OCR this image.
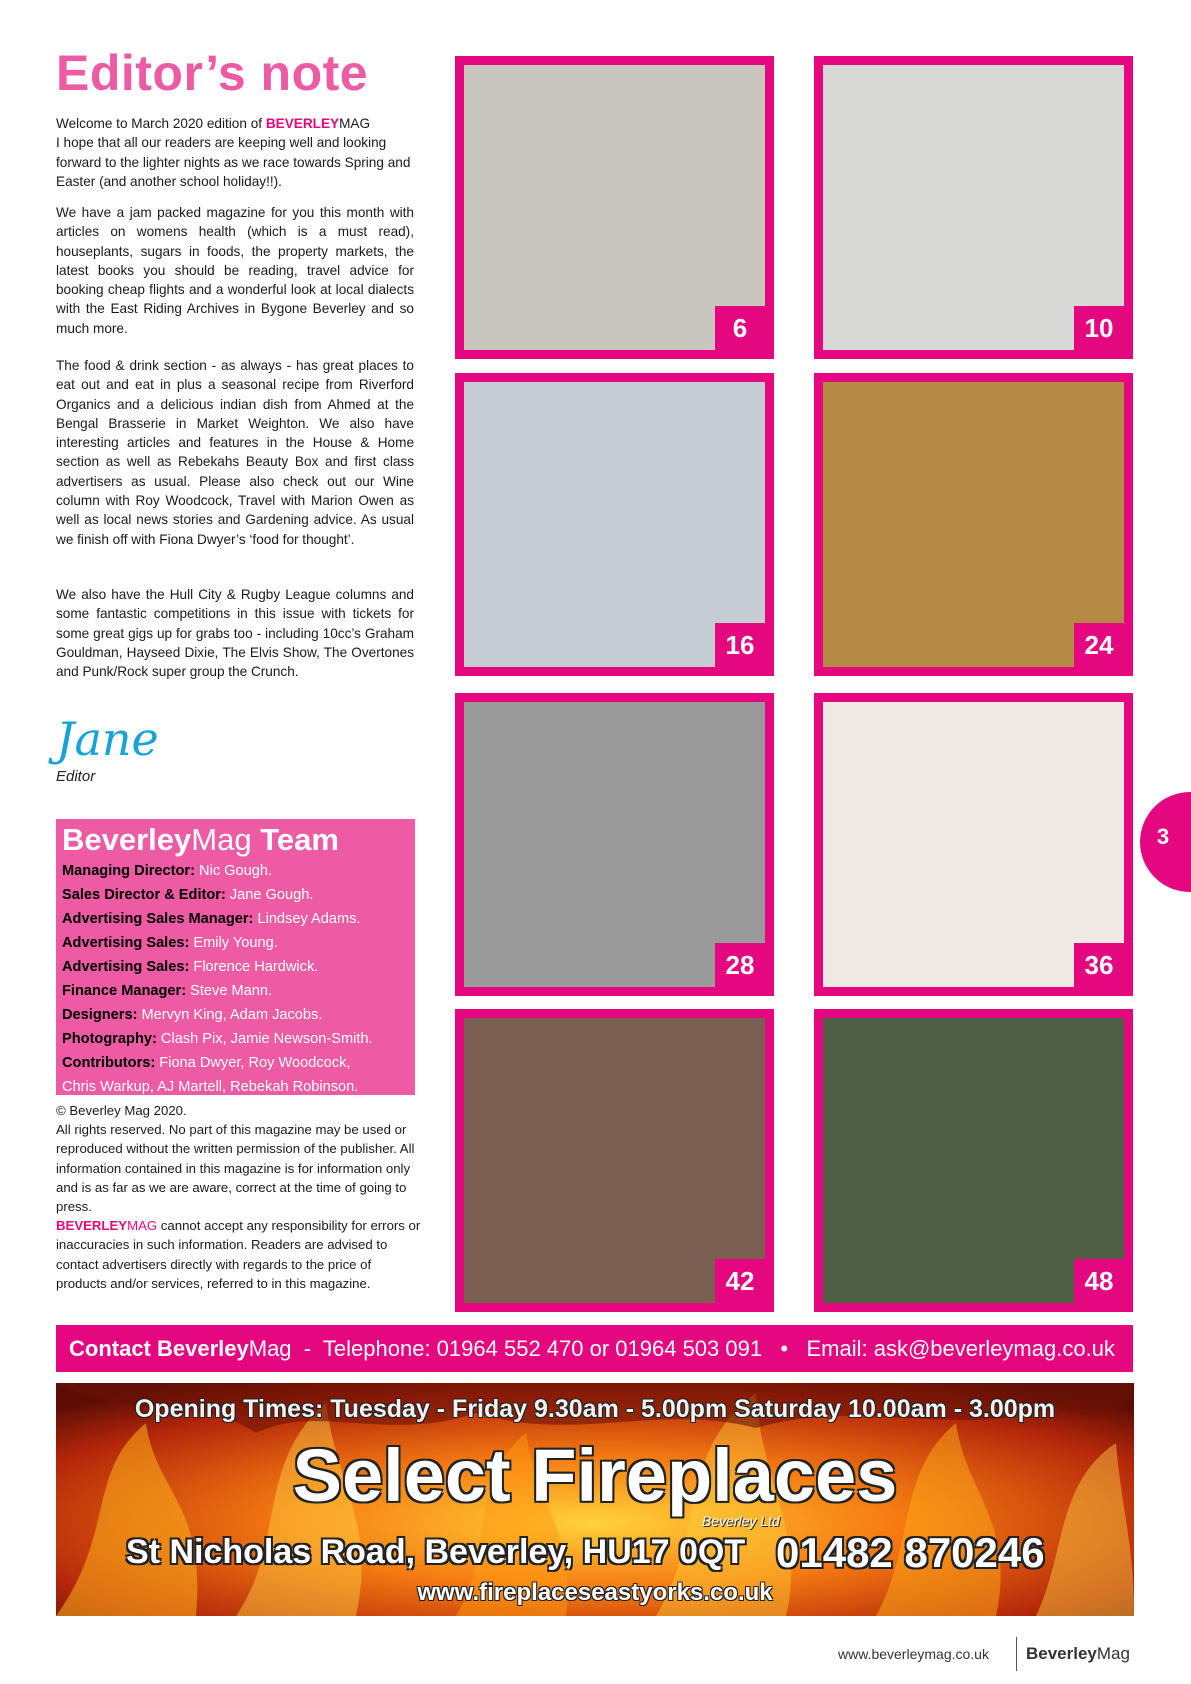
Editor’s note
Welcome to March 2020 edition of BEVERLEYMAG
I hope that all our readers are keeping well and looking forward to the lighter nights as we race towards Spring and Easter (and another school holiday!!).
We have a jam packed magazine for you this month with articles on womens health (which is a must read), houseplants, sugars in foods, the property markets, the latest books you should be reading, travel advice for booking cheap flights and a wonderful look at local dialects with the East Riding Archives in Bygone Beverley and so much more.
The food & drink section - as always - has great places to eat out and eat in plus a seasonal recipe from Riverford Organics and a delicious indian dish from Ahmed at the Bengal Brasserie in Market Weighton. We also have interesting articles and features in the House & Home section as well as Rebekahs Beauty Box and first class advertisers as usual. Please also check out our Wine column with Roy Woodcock, Travel with Marion Owen as well as local news stories and Gardening advice. As usual we finish off with Fiona Dwyer’s ‘food for thought’.
We also have the Hull City & Rugby League columns and some fantastic competitions in this issue with tickets for some great gigs up for grabs too - including 10cc’s Graham Gouldman, Hayseed Dixie, The Elvis Show, The Overtones and Punk/Rock super group the Crunch.
Jane
Editor
BeverleyMag Team
Managing Director: Nic Gough.
Sales Director & Editor: Jane Gough.
Advertising Sales Manager: Lindsey Adams.
Advertising Sales: Emily Young.
Advertising Sales: Florence Hardwick.
Finance Manager: Steve Mann.
Designers: Mervyn King, Adam Jacobs.
Photography: Clash Pix, Jamie Newson-Smith.
Contributors: Fiona Dwyer, Roy Woodcock,
Chris Warkup, AJ Martell, Rebekah Robinson.
© Beverley Mag 2020.
All rights reserved. No part of this magazine may be used or reproduced without the written permission of the publisher. All information contained in this magazine is for information only and is as far as we are aware, correct at the time of going to press.
BEVERLEYMAG cannot accept any responsibility for errors or inaccuracies in such information. Readers are advised to contact advertisers directly with regards to the price of products and/or services, referred to in this magazine.
6	10
16	24
28	36
42	48
3
Contact Beverley Mag -  Telephone: 01964 552 470 or 01964 503 091   •   Email: ask@beverleymag.co.uk
Opening Times: Tuesday - Friday 9.30am - 5.00pm Saturday 10.00am - 3.00pm
Select Fireplaces
Beverley Ltd
St Nicholas Road, Beverley, HU17 0QT 01482 870246
www.fireplaceseastyorks.co.uk
www.beverleymag.co.uk BeverleyMag
